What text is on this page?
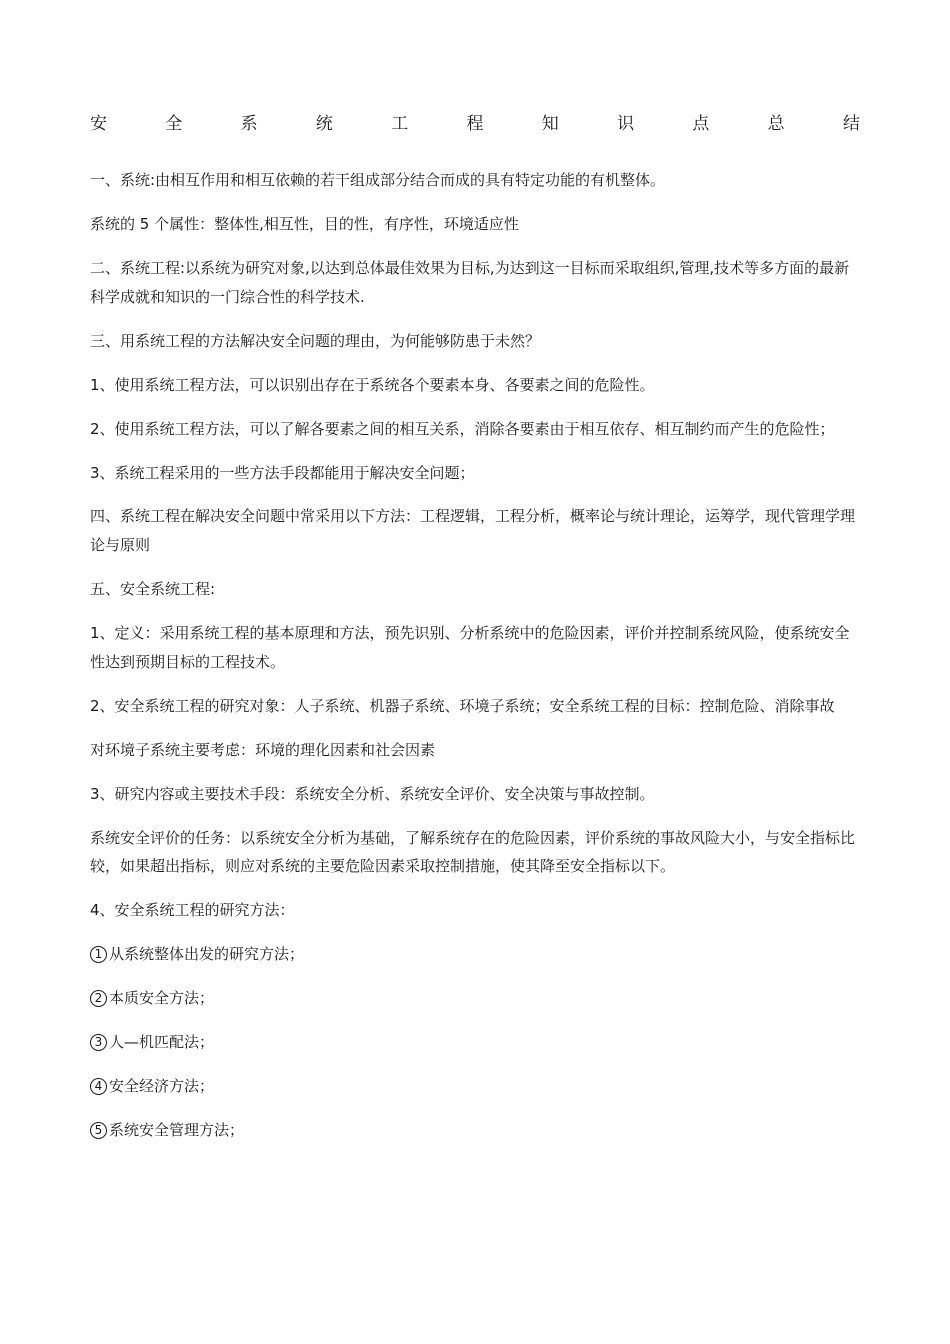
安	全	系	统	工	程	知	识	点	总	结

一、系统:由相互作用和相互依赖的若干组成部分结合而成的具有特定功能的有机整体。

系统的 5 个属性：整体性,相互性，目的性，有序性，环境适应性

二、系统工程:以系统为研究对象,以达到总体最佳效果为目标,为达到这一目标而采取组织,管理,技术等多方面的最新科学成就和知识的一门综合性的科学技术.

三、用系统工程的方法解决安全问题的理由，为何能够防患于未然？

1、使用系统工程方法，可以识别出存在于系统各个要素本身、各要素之间的危险性。

2、使用系统工程方法，可以了解各要素之间的相互关系，消除各要素由于相互依存、相互制约而产生的危险性；

3、系统工程采用的一些方法手段都能用于解决安全问题；

四、系统工程在解决安全问题中常采用以下方法：工程逻辑，工程分析，概率论与统计理论，运筹学，现代管理学理论与原则

五、安全系统工程:

1、定义：采用系统工程的基本原理和方法，预先识别、分析系统中的危险因素，评价并控制系统风险，使系统安全性达到预期目标的工程技术。

2、安全系统工程的研究对象：人子系统、机器子系统、环境子系统；安全系统工程的目标：控制危险、消除事故

对环境子系统主要考虑：环境的理化因素和社会因素

3、研究内容或主要技术手段：系统安全分析、系统安全评价、安全决策与事故控制。

系统安全评价的任务：以系统安全分析为基础，了解系统存在的危险因素，评价系统的事故风险大小，与安全指标比较，如果超出指标，则应对系统的主要危险因素采取控制措施，使其降至安全指标以下。

4、安全系统工程的研究方法：

1 从系统整体出发的研究方法；
2 本质安全方法；
3 人—机匹配法；
4 安全经济方法；
5 系统安全管理方法；
